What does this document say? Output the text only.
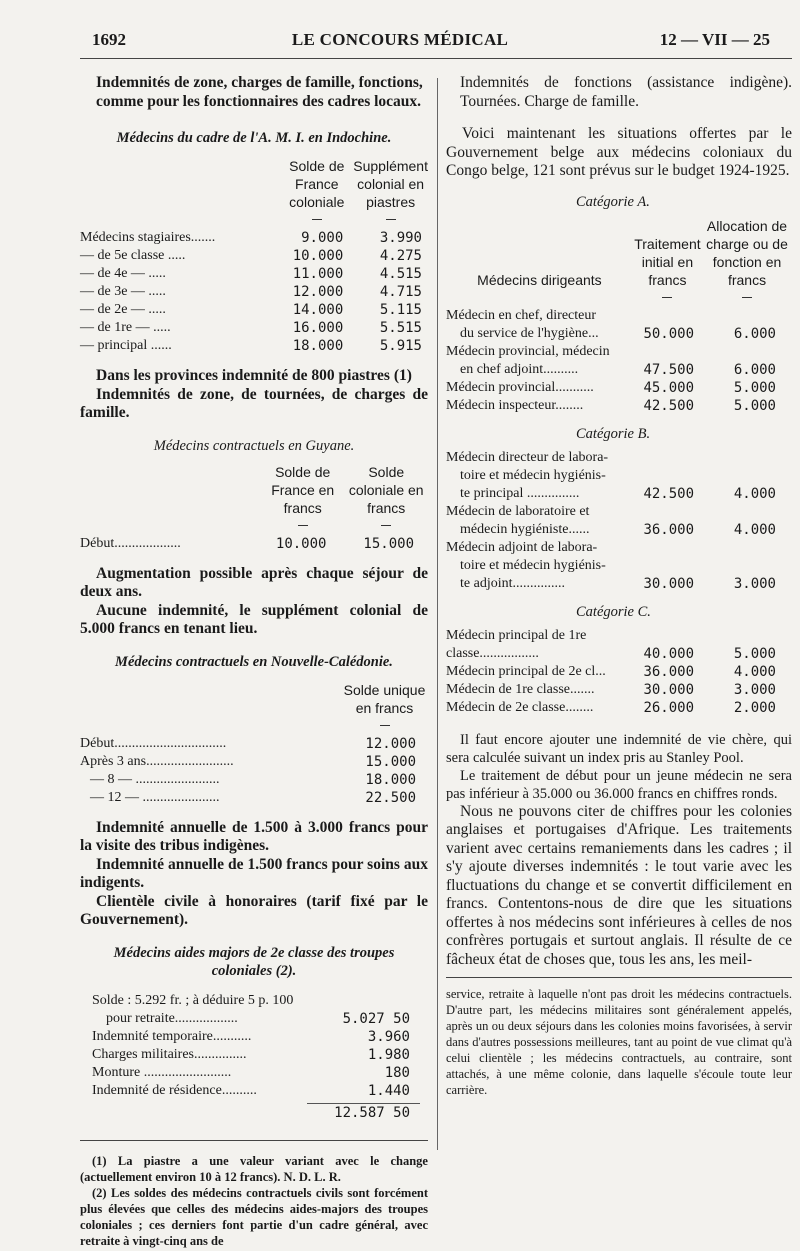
1692	LE CONCOURS MÉDICAL	12 — VII — 25

Indemnités de zone, charges de famille, fonctions, comme pour les fonctionnaires des cadres locaux.

Médecins du cadre de l'A. M. I. en Indochine.

	Solde de France coloniale	Supplément colonial en piastres

Médecins stagiaires.......	9.000	3.990
— de 5e classe .....	10.000	4.275
— de 4e — .....	11.000	4.515
— de 3e — .....	12.000	4.715
— de 2e — .....	14.000	5.115
— de 1re — .....	16.000	5.515
— principal ......	18.000	5.915

Dans les provinces indemnité de 800 piastres (1)

Indemnités de zone, de tournées, de charges de famille.

Médecins contractuels en Guyane.

	Solde de France en francs	Solde coloniale en francs

Début...................	10.000	15.000

Augmentation possible après chaque séjour de deux ans.

Aucune indemnité, le supplément colonial de 5.000 francs en tenant lieu.

Médecins contractuels en Nouvelle-Calédonie.

	Solde unique en francs

Début................................	12.000
Après 3 ans.........................	15.000
— 8 — ........................	18.000
— 12 — ......................	22.500

Indemnité annuelle de 1.500 à 3.000 francs pour la visite des tribus indigènes.

Indemnité annuelle de 1.500 francs pour soins aux indigents.

Clientèle civile à honoraires (tarif fixé par le Gouvernement).

Médecins aides majors de 2e classe des troupes coloniales (2).

Solde : 5.292 fr. ; à déduire 5 p. 100

pour retraite..................	5.027 50
Indemnité temporaire...........	3.960
Charges militaires...............	1.980
Monture .........................	180
Indemnité de résidence..........	1.440

	12.587 50

(1) La piastre a une valeur variant avec le change (actuellement environ 10 à 12 francs). N. D. L. R.

(2) Les soldes des médecins contractuels civils sont forcément plus élevées que celles des médecins aides-majors des troupes coloniales ; ces derniers font partie d'un cadre général, avec retraite à vingt-cinq ans de

Indemnités de fonctions (assistance indigène). Tournées. Charge de famille.

Voici maintenant les situations offertes par le Gouvernement belge aux médecins coloniaux du Congo belge, 121 sont prévus sur le budget 1924-1925.

Catégorie A.

Médecins dirigeants	Traitement initial en francs	Allocation de charge ou de fonction en francs

Médecin en chef, directeur		
du service de l'hygiène...	50.000	6.000
Médecin provincial, médecin		
en chef adjoint..........	47.500	6.000
Médecin provincial...........	45.000	5.000
Médecin inspecteur........	42.500	5.000

Catégorie B.

Médecin directeur de labora-		
toire et médecin hygiénis-		
te principal ...............	42.500	4.000
Médecin de laboratoire et		
médecin hygiéniste......	36.000	4.000
Médecin adjoint de labora-		
toire et médecin hygiénis-		
te adjoint...............	30.000	3.000

Catégorie C.

Médecin principal de 1re		
classe.................	40.000	5.000
Médecin principal de 2e cl...	36.000	4.000
Médecin de 1re classe.......	30.000	3.000
Médecin de 2e classe........	26.000	2.000

Il faut encore ajouter une indemnité de vie chère, qui sera calculée suivant un index pris au Stanley Pool.

Le traitement de début pour un jeune médecin ne sera pas inférieur à 35.000 ou 36.000 francs en chiffres ronds.

Nous ne pouvons citer de chiffres pour les colonies anglaises et portugaises d'Afrique. Les traitements varient avec certains remaniements dans les cadres ; il s'y ajoute diverses indemnités : le tout varie avec les fluctuations du change et se convertit difficilement en francs. Contentons-nous de dire que les situations offertes à nos médecins sont inférieures à celles de nos confrères portugais et surtout anglais. Il résulte de ce fâcheux état de choses que, tous les ans, les meil-

service, retraite à laquelle n'ont pas droit les médecins contractuels. D'autre part, les médecins militaires sont généralement appelés, après un ou deux séjours dans les colonies moins favorisées, à servir dans d'autres possessions meilleures, tant au point de vue climat qu'à celui clientèle ; les médecins contractuels, au contraire, sont attachés, à une même colonie, dans laquelle s'écoule toute leur carrière.
